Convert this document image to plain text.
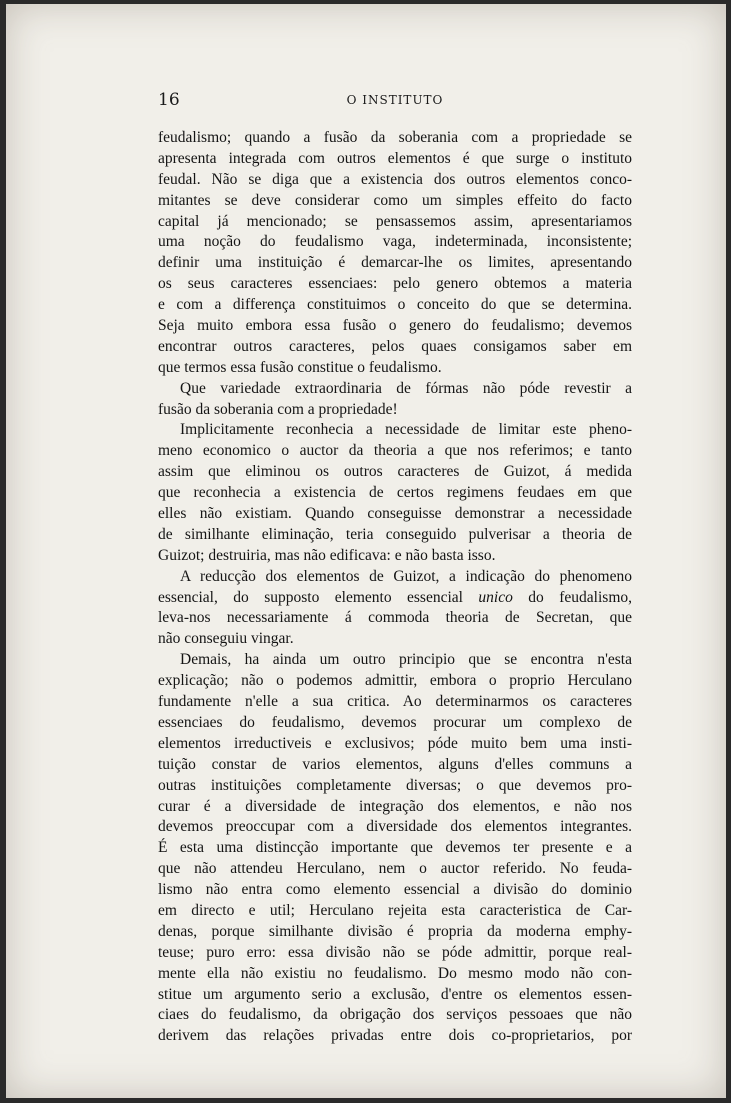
16	O INSTITUTO
feudalismo; quando a fusão da soberania com a propriedade se
apresenta integrada com outros elementos é que surge o instituto
feudal. Não se diga que a existencia dos outros elementos conco-
mitantes se deve considerar como um simples effeito do facto
capital já mencionado; se pensassemos assim, apresentariamos
uma noção do feudalismo vaga, indeterminada, inconsistente;
definir uma instituição é demarcar-lhe os limites, apresentando
os seus caracteres essenciaes: pelo genero obtemos a materia
e com a differença constituimos o conceito do que se determina.
Seja muito embora essa fusão o genero do feudalismo; devemos
encontrar outros caracteres, pelos quaes consigamos saber em
que termos essa fusão constitue o feudalismo.
Que variedade extraordinaria de fórmas não póde revestir a
fusão da soberania com a propriedade!
Implicitamente reconhecia a necessidade de limitar este pheno-
meno economico o auctor da theoria a que nos referimos; e tanto
assim que eliminou os outros caracteres de Guizot, á medida
que reconhecia a existencia de certos regimens feudaes em que
elles não existiam. Quando conseguisse demonstrar a necessidade
de similhante eliminação, teria conseguido pulverisar a theoria de
Guizot; destruiria, mas não edificava: e não basta isso.
A reducção dos elementos de Guizot, a indicação do phenomeno
essencial, do supposto elemento essencial unico do feudalismo,
leva-nos necessariamente á commoda theoria de Secretan, que
não conseguiu vingar.
Demais, ha ainda um outro principio que se encontra n'esta
explicação; não o podemos admittir, embora o proprio Herculano
fundamente n'elle a sua critica. Ao determinarmos os caracteres
essenciaes do feudalismo, devemos procurar um complexo de
elementos irreductiveis e exclusivos; póde muito bem uma insti-
tuição constar de varios elementos, alguns d'elles communs a
outras instituições completamente diversas; o que devemos pro-
curar é a diversidade de integração dos elementos, e não nos
devemos preoccupar com a diversidade dos elementos integrantes.
É esta uma distincção importante que devemos ter presente e a
que não attendeu Herculano, nem o auctor referido. No feuda-
lismo não entra como elemento essencial a divisão do dominio
em directo e util; Herculano rejeita esta caracteristica de Car-
denas, porque similhante divisão é propria da moderna emphy-
teuse; puro erro: essa divisão não se póde admittir, porque real-
mente ella não existiu no feudalismo. Do mesmo modo não con-
stitue um argumento serio a exclusão, d'entre os elementos essen-
ciaes do feudalismo, da obrigação dos serviços pessoaes que não
derivem das relações privadas entre dois co-proprietarios, por
